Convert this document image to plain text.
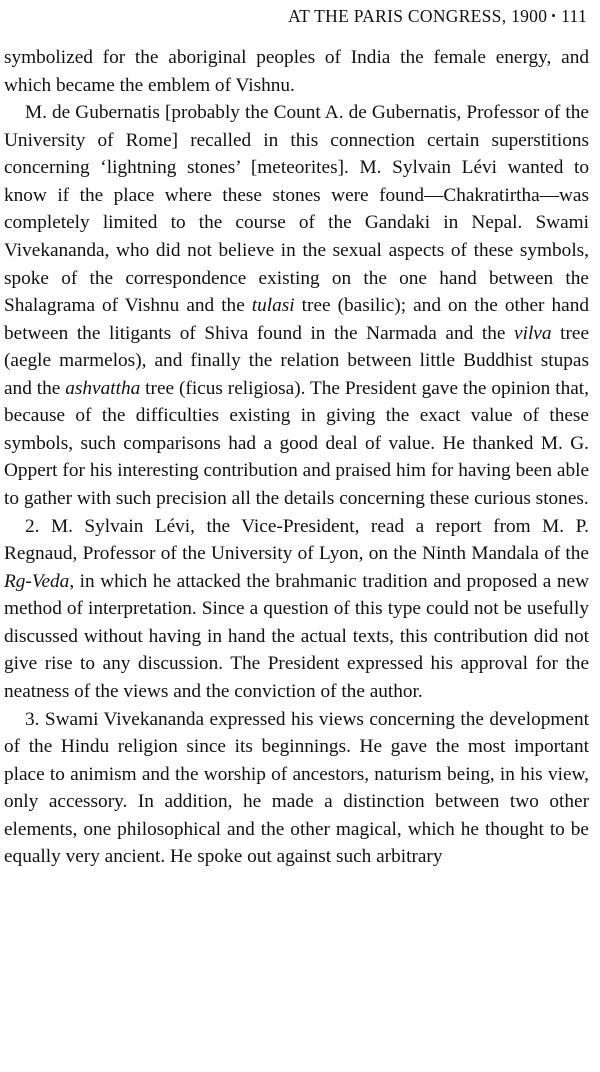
AT THE PARIS CONGRESS, 1900 • 111

symbolized for the aboriginal peoples of India the female energy, and which became the emblem of Vishnu.

M. de Gubernatis [probably the Count A. de Gubernatis, Professor of the University of Rome] recalled in this connection certain superstitions concerning ‘lightning stones’ [meteorites]. M. Sylvain Lévi wanted to know if the place where these stones were found—Chakratirtha—was completely limited to the course of the Gandaki in Nepal. Swami Vivekananda, who did not believe in the sexual aspects of these symbols, spoke of the correspondence existing on the one hand between the Shalagrama of Vishnu and the tulasi tree (basilic); and on the other hand between the litigants of Shiva found in the Narmada and the vilva tree (aegle marmelos), and finally the relation between little Buddhist stupas and the ashvattha tree (ficus religiosa). The President gave the opinion that, because of the difficulties existing in giving the exact value of these symbols, such comparisons had a good deal of value. He thanked M. G. Oppert for his interesting contribution and praised him for having been able to gather with such precision all the details concerning these curious stones.

2. M. Sylvain Lévi, the Vice-President, read a report from M. P. Regnaud, Professor of the University of Lyon, on the Ninth Mandala of the Rg-Veda, in which he attacked the brahmanic tradition and proposed a new method of interpretation. Since a question of this type could not be usefully discussed without having in hand the actual texts, this contribution did not give rise to any discussion. The President expressed his approval for the neatness of the views and the conviction of the author.

3. Swami Vivekananda expressed his views concerning the development of the Hindu religion since its beginnings. He gave the most important place to animism and the worship of ancestors, naturism being, in his view, only accessory. In addition, he made a distinction between two other elements, one philosophical and the other magical, which he thought to be equally very ancient. He spoke out against such arbitrary
